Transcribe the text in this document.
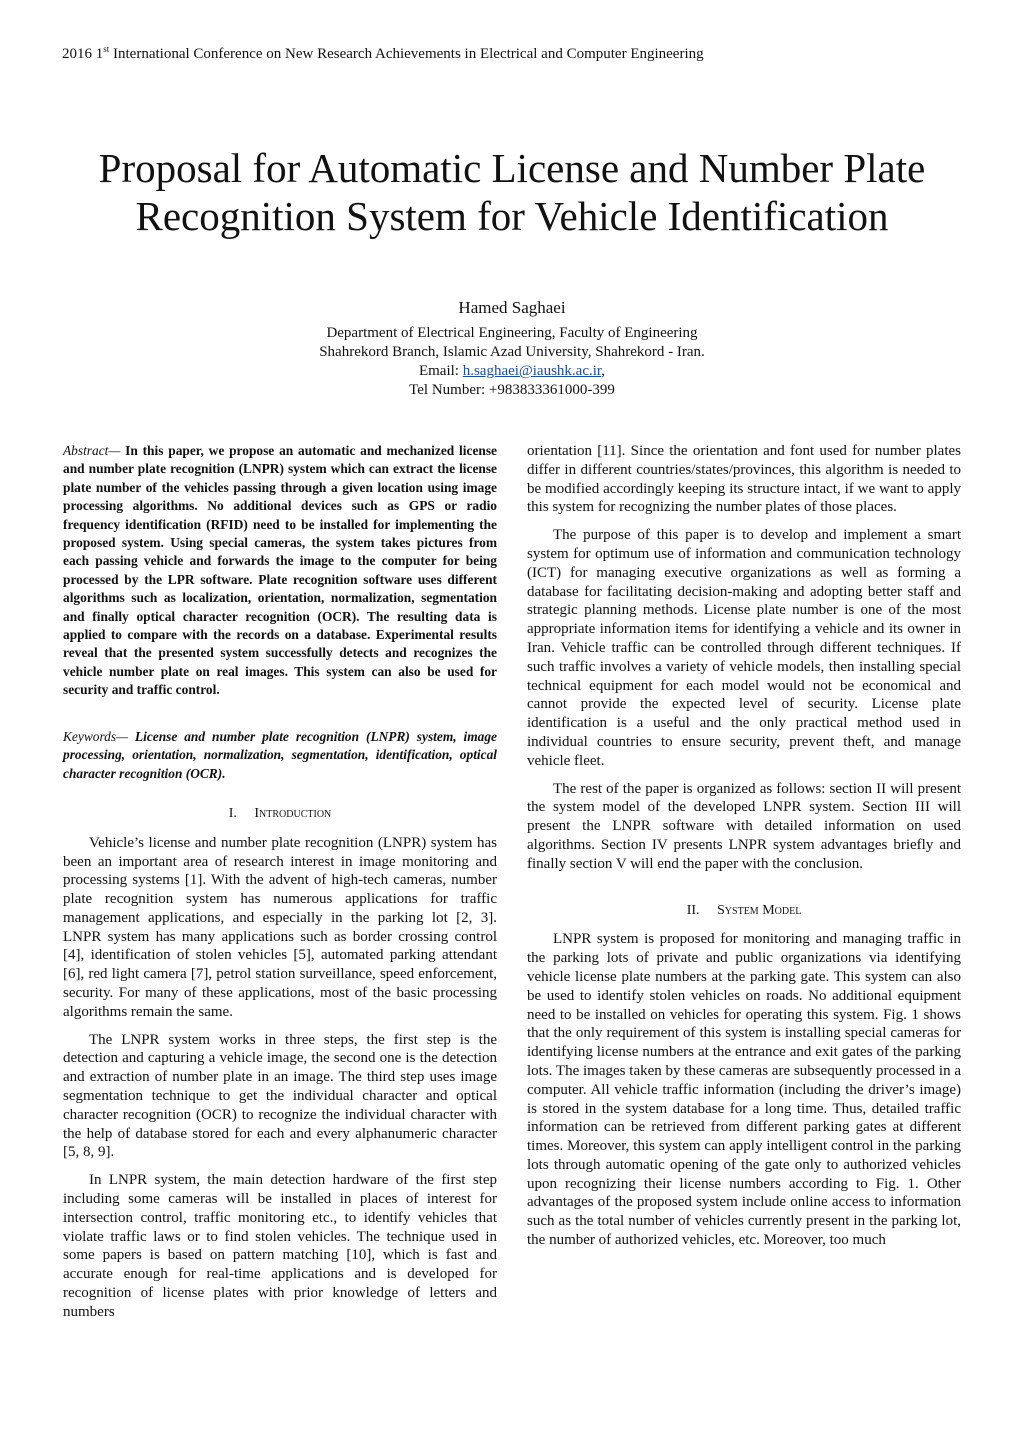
2016 1st International Conference on New Research Achievements in Electrical and Computer Engineering
Proposal for Automatic License and Number Plate
Recognition System for Vehicle Identification
Hamed Saghaei
Department of Electrical Engineering, Faculty of Engineering
Shahrekord Branch, Islamic Azad University, Shahrekord - Iran.
Email: h.saghaei@iaushk.ac.ir,
Tel Number: +983833361000-399

Abstract— In this paper, we propose an automatic and mechanized license and number plate recognition (LNPR) system which can extract the license plate number of the vehicles passing through a given location using image processing algorithms. No additional devices such as GPS or radio frequency identification (RFID) need to be installed for implementing the proposed system. Using special cameras, the system takes pictures from each passing vehicle and forwards the image to the computer for being processed by the LPR software. Plate recognition software uses different algorithms such as localization, orientation, normalization, segmentation and finally optical character recognition (OCR). The resulting data is applied to compare with the records on a database. Experimental results reveal that the presented system successfully detects and recognizes the vehicle number plate on real images. This system can also be used for security and traffic control.

Keywords— License and number plate recognition (LNPR) system, image processing, orientation, normalization, segmentation, identification, optical character recognition (OCR).

I. Introduction

Vehicle’s license and number plate recognition (LNPR) system has been an important area of research interest in image monitoring and processing systems [1]. With the advent of high-tech cameras, number plate recognition system has numerous applications for traffic management applications, and especially in the parking lot [2, 3]. LNPR system has many applications such as border crossing control [4], identification of stolen vehicles [5], automated parking attendant [6], red light camera [7], petrol station surveillance, speed enforcement, security. For many of these applications, most of the basic processing algorithms remain the same.

The LNPR system works in three steps, the first step is the detection and capturing a vehicle image, the second one is the detection and extraction of number plate in an image. The third step uses image segmentation technique to get the individual character and optical character recognition (OCR) to recognize the individual character with the help of database stored for each and every alphanumeric character [5, 8, 9].

In LNPR system, the main detection hardware of the first step including some cameras will be installed in places of interest for intersection control, traffic monitoring etc., to identify vehicles that violate traffic laws or to find stolen vehicles. The technique used in some papers is based on pattern matching [10], which is fast and accurate enough for real-time applications and is developed for recognition of license plates with prior knowledge of letters and numbers

orientation [11]. Since the orientation and font used for number plates differ in different countries/states/provinces, this algorithm is needed to be modified accordingly keeping its structure intact, if we want to apply this system for recognizing the number plates of those places.

The purpose of this paper is to develop and implement a smart system for optimum use of information and communication technology (ICT) for managing executive organizations as well as forming a database for facilitating decision-making and adopting better staff and strategic planning methods. License plate number is one of the most appropriate information items for identifying a vehicle and its owner in Iran. Vehicle traffic can be controlled through different techniques. If such traffic involves a variety of vehicle models, then installing special technical equipment for each model would not be economical and cannot provide the expected level of security. License plate identification is a useful and the only practical method used in individual countries to ensure security, prevent theft, and manage vehicle fleet.

The rest of the paper is organized as follows: section II will present the system model of the developed LNPR system. Section III will present the LNPR software with detailed information on used algorithms. Section IV presents LNPR system advantages briefly and finally section V will end the paper with the conclusion.

II. System Model

LNPR system is proposed for monitoring and managing traffic in the parking lots of private and public organizations via identifying vehicle license plate numbers at the parking gate. This system can also be used to identify stolen vehicles on roads. No additional equipment need to be installed on vehicles for operating this system. Fig. 1 shows that the only requirement of this system is installing special cameras for identifying license numbers at the entrance and exit gates of the parking lots. The images taken by these cameras are subsequently processed in a computer. All vehicle traffic information (including the driver’s image) is stored in the system database for a long time. Thus, detailed traffic information can be retrieved from different parking gates at different times. Moreover, this system can apply intelligent control in the parking lots through automatic opening of the gate only to authorized vehicles upon recognizing their license numbers according to Fig. 1. Other advantages of the proposed system include online access to information such as the total number of vehicles currently present in the parking lot, the number of authorized vehicles, etc. Moreover, too much
